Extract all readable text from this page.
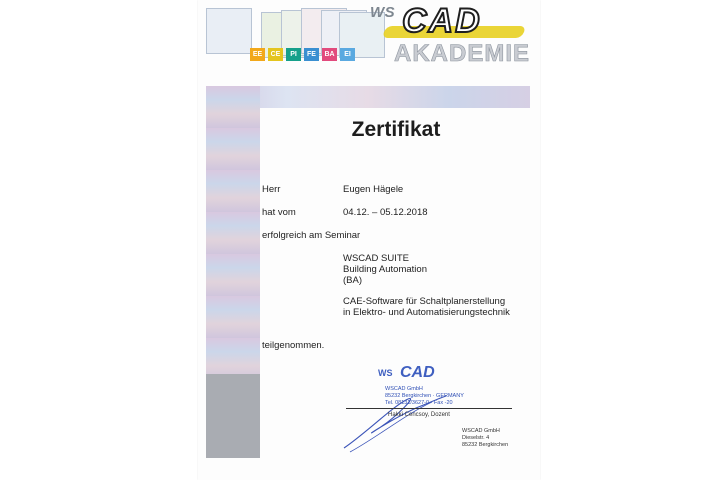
EE	CE	PI	FE	BA	EI
WS CAD
AKADEMIE
Zertifikat
Herr	Eugen Hägele
hat vom	04.12. – 05.12.2018
erfolgreich am Seminar
WSCAD SUITE
Building Automation
(BA)
CAE-Software für Schaltplanerstellung
in Elektro- und Automatisierungstechnik
teilgenommen.
WS CAD
WSCAD GmbH
85232 Bergkirchen · GERMANY
Tel. 08131/3627-0 · Fax -20
Hakki Cencsoy, Dozent
WSCAD GmbH
Dieselstr. 4
85232 Bergkirchen
